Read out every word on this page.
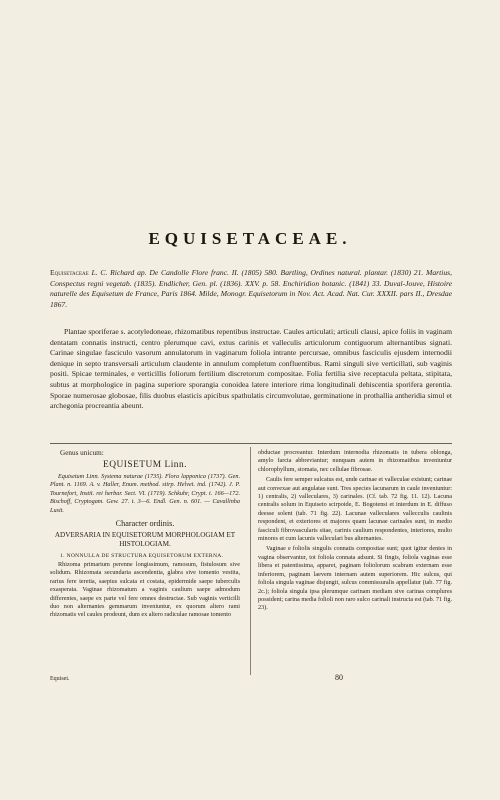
EQUISETACEAE.

Equisetaceae L. C. Richard ap. De Candolle Flore franc. II. (1805) 580. Bartling, Ordines natural. plantar. (1830) 21. Martius, Conspectus regni vegetab. (1835). Endlicher, Gen. pl. (1836). XXV. p. 58. Enchiridion botanic. (1841) 33. Duval-Jouve, Histoire naturelle des Equisetum de France, Paris 1864. Milde, Monogr. Equisetorum in Nov. Act. Acad. Nat. Cur. XXXII. pars II., Dresdae 1867.

Plantae sporiferae s. acotyledoneae, rhizomatibus repentibus instructae. Caules articulati; articuli clausi, apice foliis in vaginam dentatam connatis instructi, centro plerumque cavi, extus carinis et valleculis articulorum contiguorum alternantibus signati. Carinae singulae fasciculo vasorum annulatorum in vaginarum foliola intrante percursae, omnibus fasciculis ejusdem internodii denique in septo transversali articulum claudente in annulum completum confluentibus. Rami singuli sive verticillati, sub vaginis positi. Spicae terminales, e verticillis foliorum fertilium discretorum compositae. Folia fertilia sive receptacula peltata, stipitata, subtus at morphologice in pagina superiore sporangia conoidea latere interiore rima longitudinali dehiscentia sporifera gerentia. Sporae numerosae globosae, filis duobus elasticis apicibus spathulatis circumvolutae, germinatione in prothallia antheridia simul et archegonia procreantia abeunt.

Genus unicum:

EQUISETUM Linn.

Equisetum Linn. Systema naturae (1735). Flora lapponica (1737). Gen. Plant. n. 1169. A. v. Haller, Enum. method. stirp. Helvet. ind. (1742). J. P. Tournefort, Instit. rei herbar. Sect. VI. (1719). Schkuhr, Crypt. t. 166—172. Bischoff, Cryptogam. Gew. 27. t. 3—6. Endl. Gen. n. 601. — Cavallinha Lusit.

Character ordinis.

ADVERSARIA IN EQUISETORUM MORPHOLOGIAM ET HISTOLOGIAM.

1. NONNULLA DE STRUCTURA EQUISETORUM EXTERNA.

Rhizoma primarium perenne longissimum, ramosum, fistulosum sive solidum. Rhizomata secundaria ascendentia, glabra sive tomento vestita, rarius fere teretia, saepius sulcata et costata, epidermide saepe tuberculis exasperata. Vaginae rhizomatum a vaginis caulium saepe admodum differentes, saepe ex parte vel fere omnes destructae. Sub vaginis verticilli duo non alternantes gemmarum inveniuntur, ex quorum altero rami rhizomatis vel caules prodeunt, dum ex altero radiculae ramosae tomento

obductae procreantur. Interdum internodia rhizomatis in tubera oblonga, amylo farcta abbreviantur; nunquam autem in rhizomatibus inveniuntur chlorophyllum, stomata, nec cellulae fibrosae.

Caulis fere semper sulcatus est, unde carinae et valleculae existunt; carinae aut convexae aut angulatae sunt. Tres species lacunarum in caule inveniuntur: 1) centralis, 2) valleculares, 3) carinales. (Cf. tab. 72 fig. 11. 12). Lacuna centralis solum in Equiseto scirpoide, E. Bogotensi et interdum in E. diffuso deesse solent (tab. 71 fig. 22). Lacunae valleculares vallecculis caulinis respondent, et exteriores et majores quam lacunae carinales sunt, in medio fasciculi fibrovascularis sitae, carinis caulium respondentes, interiores, multo minores et cum lacunis valleculari bus alternantes.

Vaginae e foliolis singulis connatis compositae sunt; quot igitur dentes in vagina observantur, tot foliola connata adsunt. Si fingis, foliola vaginas esse libera et patentissima, apparet, paginam foliolorum scabram externam esse inferiorem, paginam laevem internam autem superiorem. Hic sulcus, qui foliola singula vaginae disjungit, sulcus commissuralis appellatur (tab. 77 fig. 2c.); foliola singula ipsa plerumque carinam mediam sive carinas complures possident; carina media folioli non raro sulco carinali instructa est (tab. 71 fig. 23).

Equiset.	80
